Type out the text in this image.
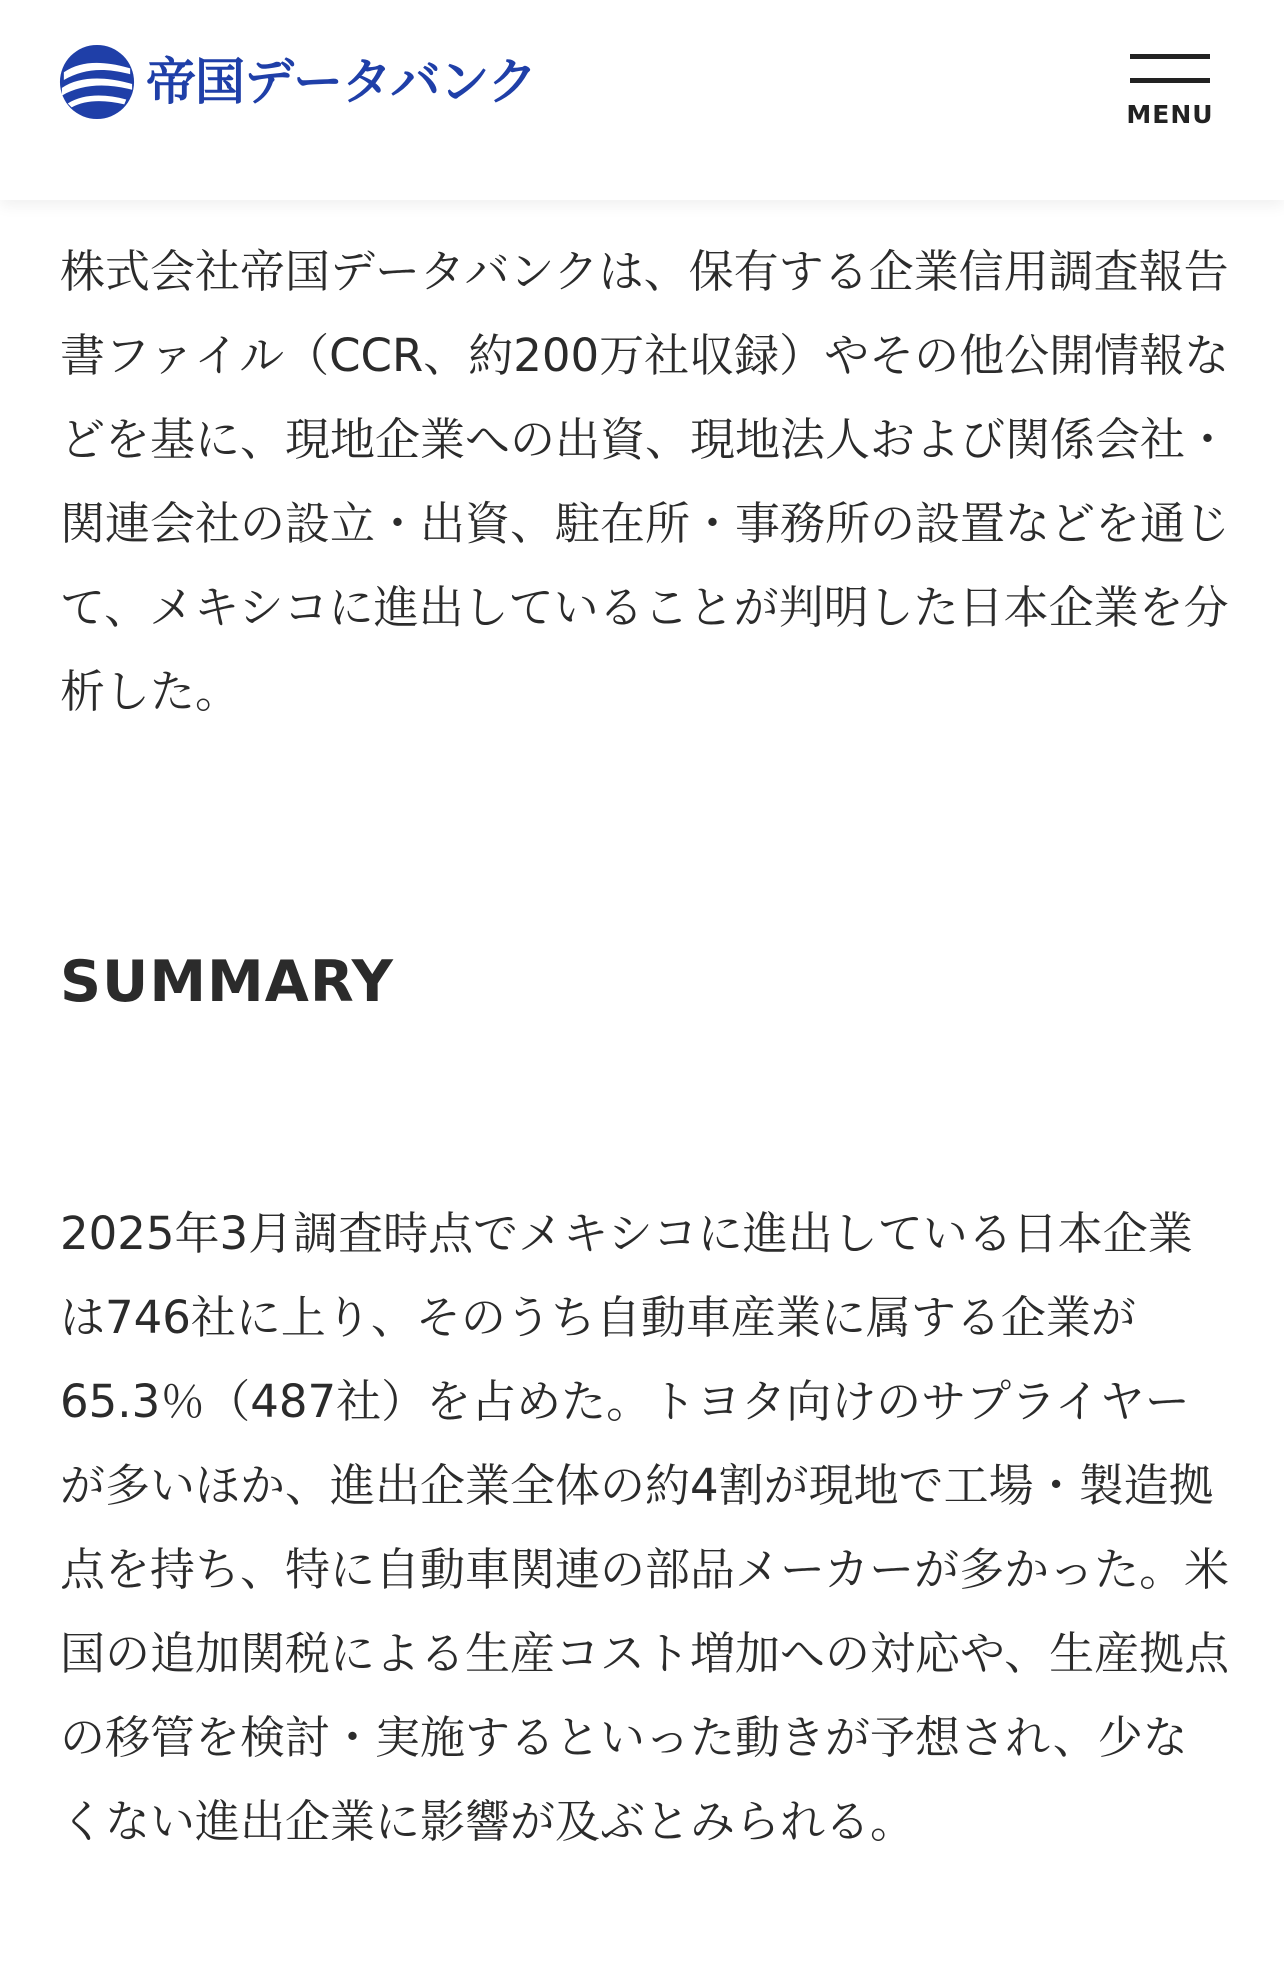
帝国データバンク
MENU

株式会社帝国データバンクは、保有する企業信用調査報告書ファイル（CCR、約200万社収録）やその他公開情報などを基に、現地企業への出資、現地法人および関係会社・関連会社の設立・出資、駐在所・事務所の設置などを通じて、メキシコに進出していることが判明した日本企業を分析した。

SUMMARY

2025年3月調査時点でメキシコに進出している日本企業は746社に上り、そのうち自動車産業に属する企業が65.3％（487社）を占めた。トヨタ向けのサプライヤーが多いほか、進出企業全体の約4割が現地で工場・製造拠点を持ち、特に自動車関連の部品メーカーが多かった。米国の追加関税による生産コスト増加への対応や、生産拠点の移管を検討・実施するといった動きが予想され、少なくない進出企業に影響が及ぶとみられる。
